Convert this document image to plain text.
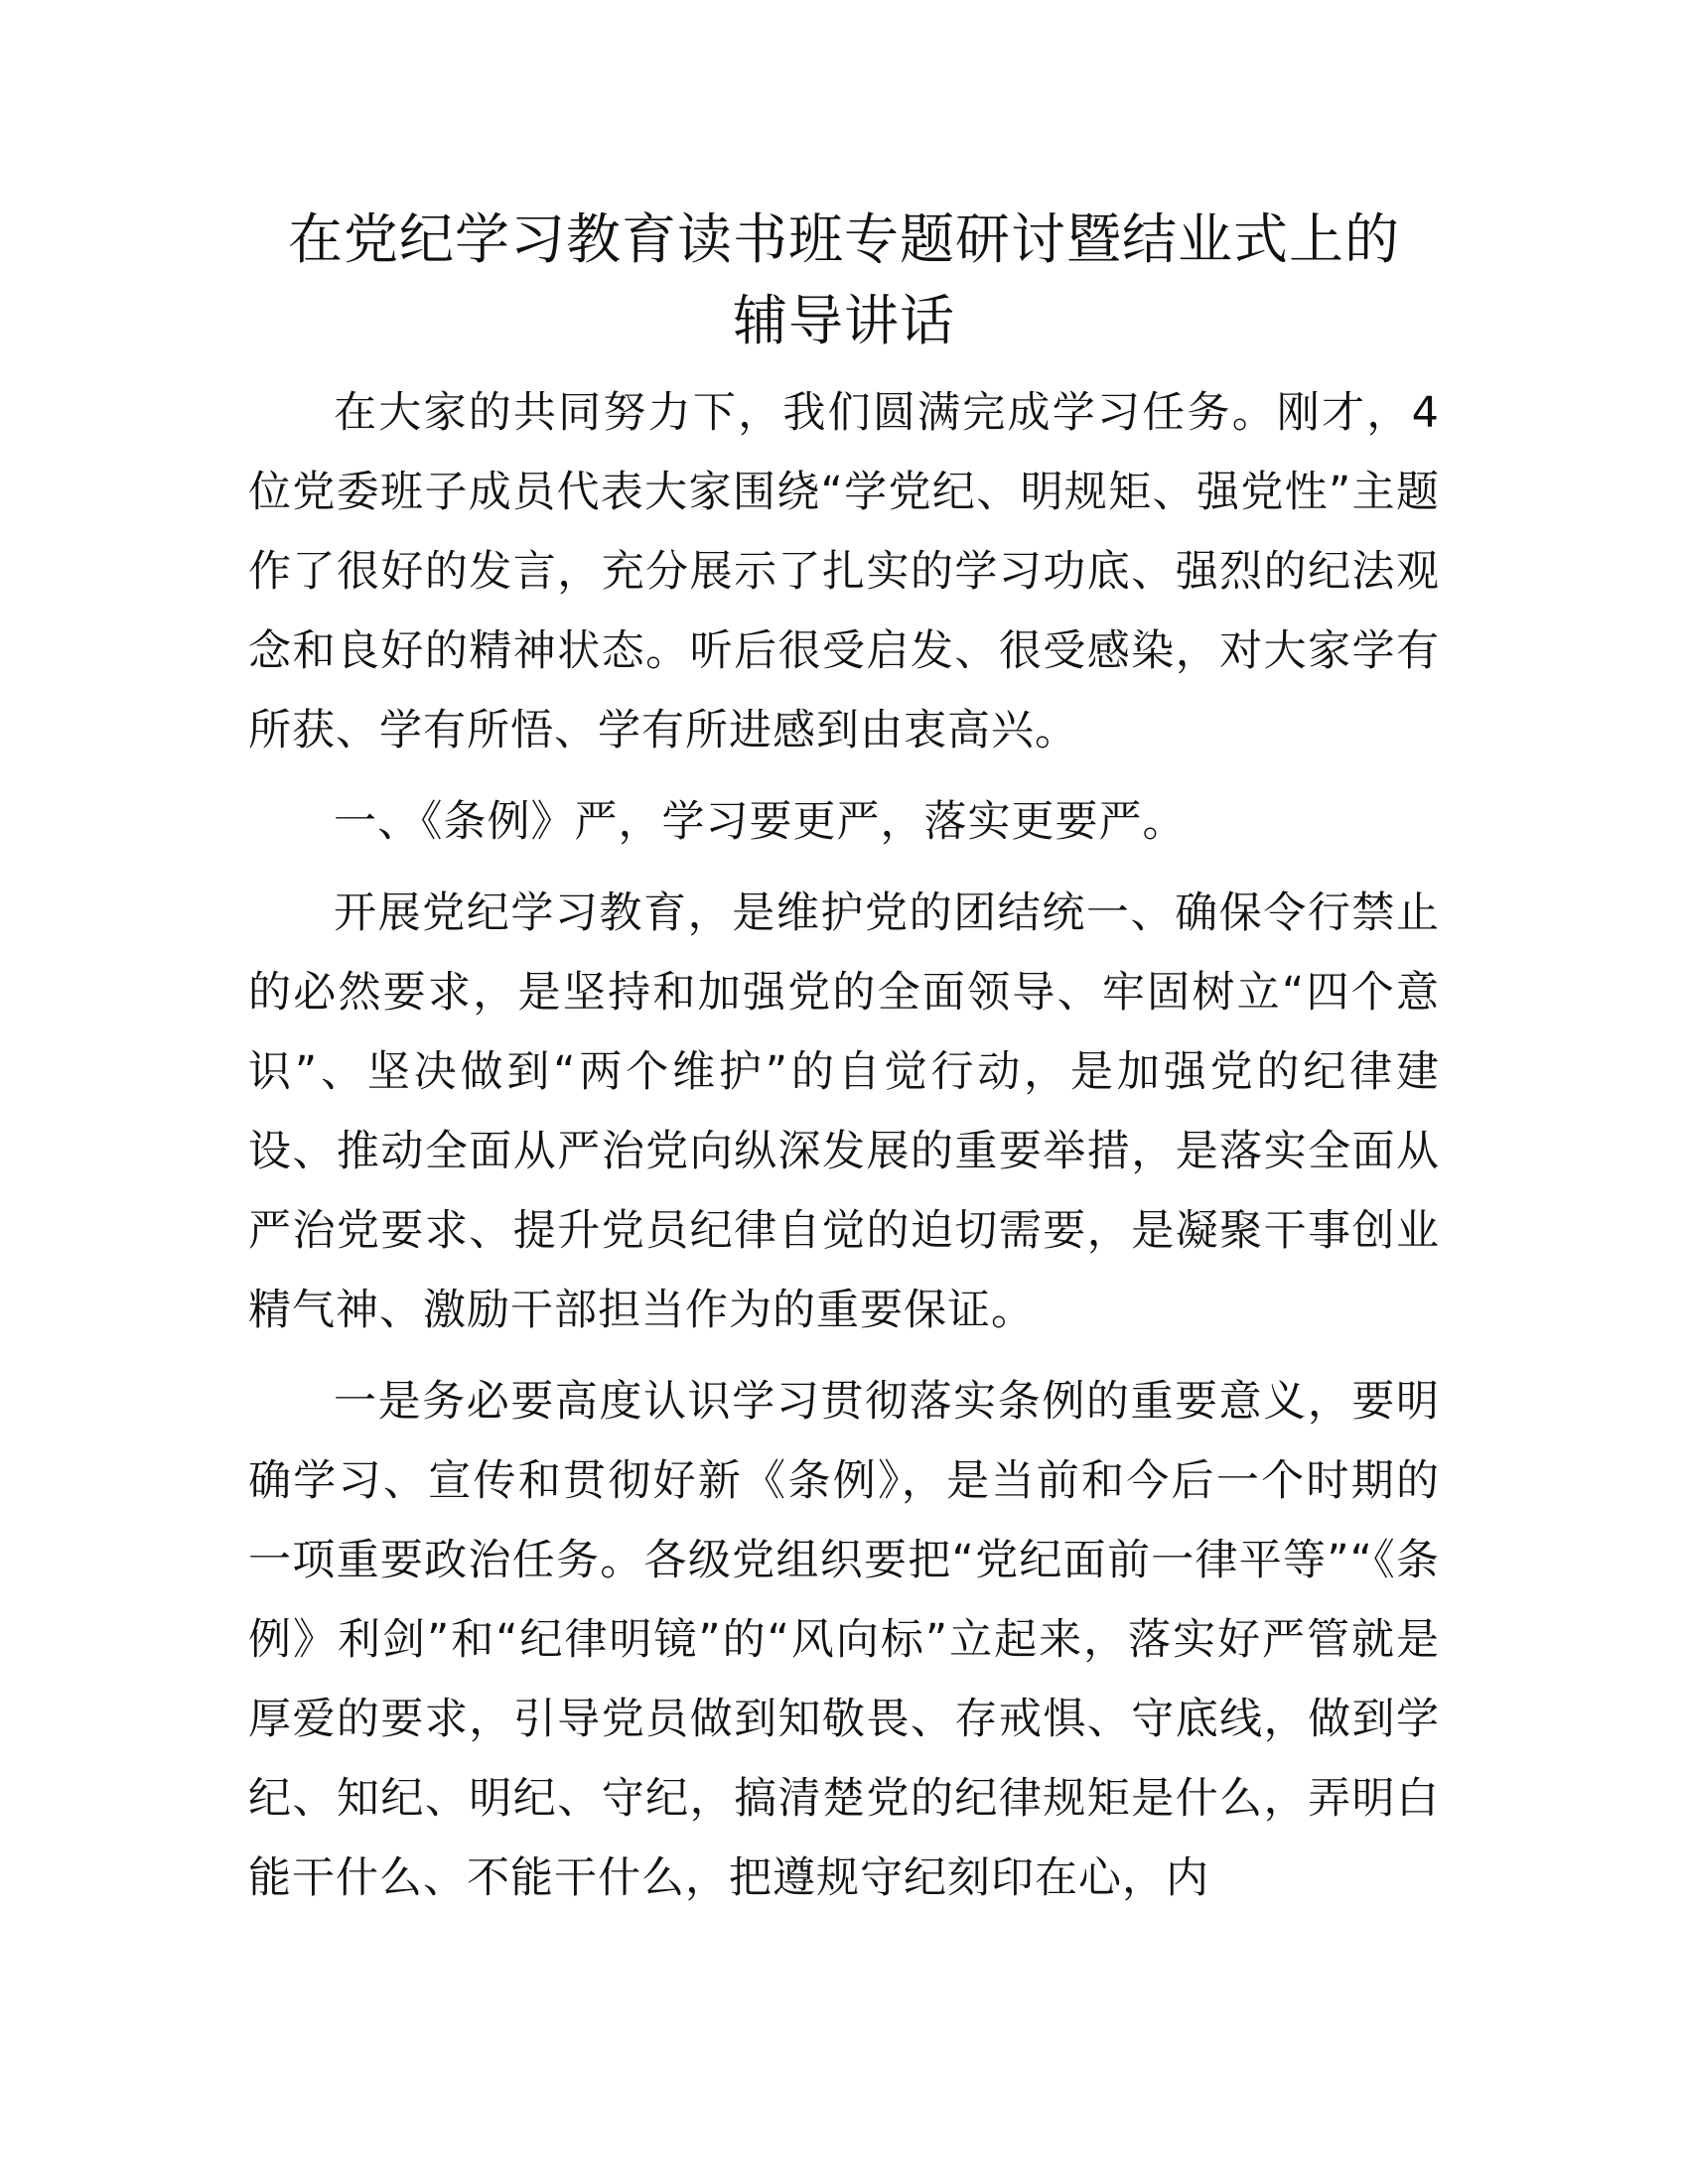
在党纪学习教育读书班专题研讨暨结业式上的
辅导讲话

在大家的共同努力下，我们圆满完成学习任务。刚才，4位党委班子成员代表大家围绕“学党纪、明规矩、强党性”主题作了很好的发言，充分展示了扎实的学习功底、强烈的纪法观念和良好的精神状态。听后很受启发、很受感染，对大家学有所获、学有所悟、学有所进感到由衷高兴。

一、《条例》严，学习要更严，落实更要严。

开展党纪学习教育，是维护党的团结统一、确保令行禁止的必然要求，是坚持和加强党的全面领导、牢固树立“四个意识”、坚决做到“两个维护”的自觉行动，是加强党的纪律建设、推动全面从严治党向纵深发展的重要举措，是落实全面从严治党要求、提升党员纪律自觉的迫切需要，是凝聚干事创业精气神、激励干部担当作为的重要保证。

一是务必要高度认识学习贯彻落实条例的重要意义，要明确学习、宣传和贯彻好新《条例》，是当前和今后一个时期的一项重要政治任务。各级党组织要把“党纪面前一律平等”“《条例》利剑”和“纪律明镜”的“风向标”立起来，落实好严管就是厚爱的要求，引导党员做到知敬畏、存戒惧、守底线，做到学纪、知纪、明纪、守纪，搞清楚党的纪律规矩是什么，弄明白能干什么、不能干什么，把遵规守纪刻印在心，内
